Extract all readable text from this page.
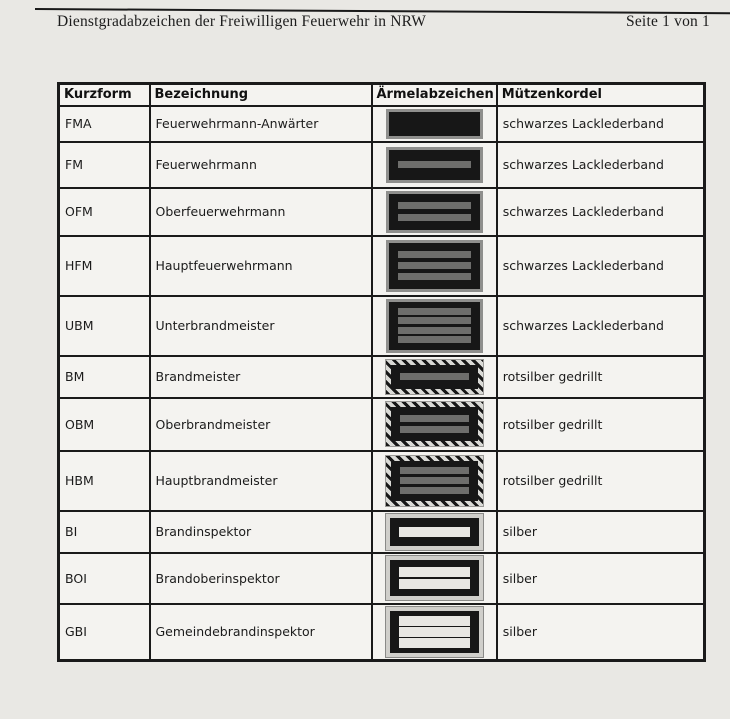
Dienstgradabzeichen der Freiwilligen Feuerwehr in NRW	Seite 1 von 1
Kurzform	Bezeichnung	Ärmelabzeichen	Mützenkordel
FMA	Feuerwehrmann-Anwärter		schwarzes Lacklederband
FM	Feuerwehrmann		schwarzes Lacklederband
OFM	Oberfeuerwehrmann		schwarzes Lacklederband
HFM	Hauptfeuerwehrmann		schwarzes Lacklederband
UBM	Unterbrandmeister		schwarzes Lacklederband
BM	Brandmeister		rotsilber gedrillt
OBM	Oberbrandmeister		rotsilber gedrillt
HBM	Hauptbrandmeister		rotsilber gedrillt
BI	Brandinspektor		silber
BOI	Brandoberinspektor		silber
GBI	Gemeindebrandinspektor		silber
